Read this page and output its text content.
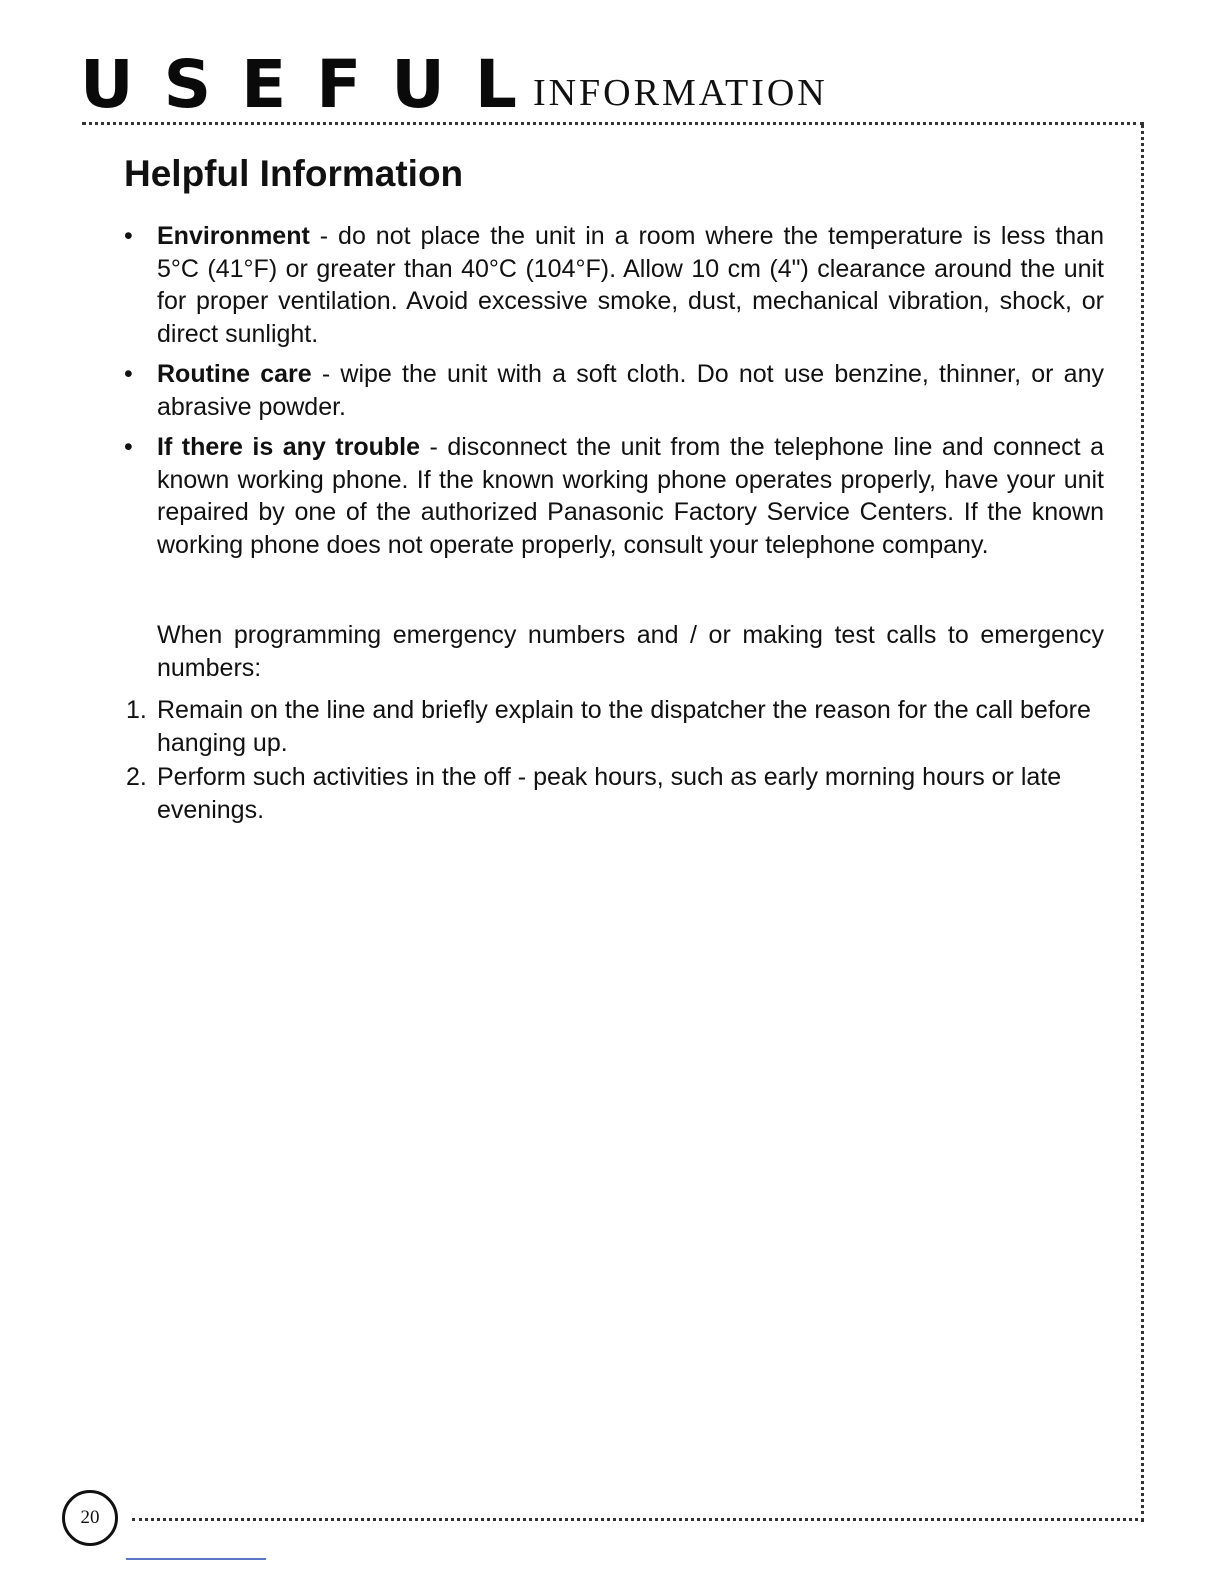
USEFUL
INFORMATION
Helpful Information
• Environment - do not place the unit in a room where the temperature is less than 5°C (41°F) or greater than 40°C (104°F). Allow 10 cm (4") clearance around the unit for proper ventilation. Avoid excessive smoke, dust, mechanical vibration, shock, or direct sunlight.
• Routine care - wipe the unit with a soft cloth. Do not use benzine, thinner, or any abrasive powder.
• If there is any trouble - disconnect the unit from the telephone line and connect a known working phone. If the known working phone operates properly, have your unit repaired by one of the authorized Panasonic Factory Service Centers. If the known working phone does not operate properly, consult your telephone company.

When programming emergency numbers and / or making test calls to emergency numbers:

1. Remain on the line and briefly explain to the dispatcher the reason for the call before hanging up.
2. Perform such activities in the off - peak hours, such as early morning hours or late evenings.
20
